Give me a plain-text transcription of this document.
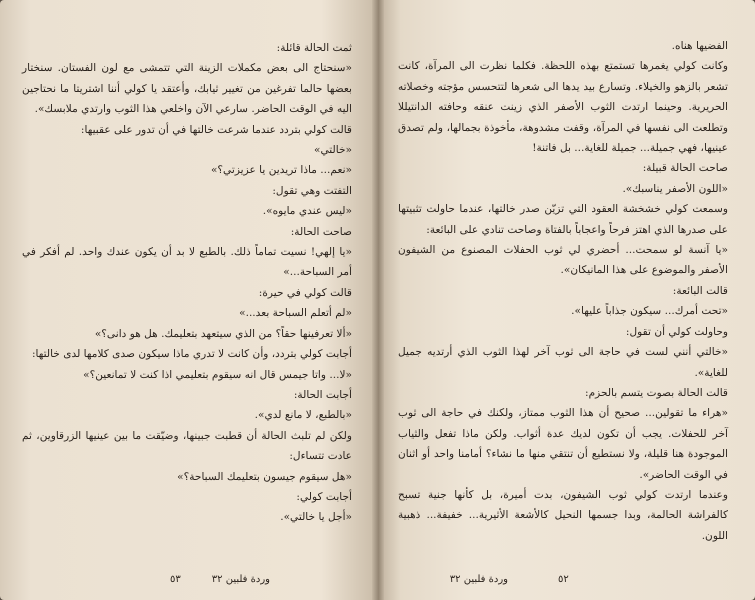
ثمت الحالة قائلة:

«سنحتاج الى بعض مكملات الزينة التي تتمشى مع لون الفستان. سنختار بعضها حالما تفرغين من تغيير ثيابك، وأعتقد يا كولي أننا اشتريتا ما نحتاجين اليه في الوقت الحاضر. سارعي الآن واخلعي هذا الثوب وارتدي ملابسك».

قالت كولي بتردد عندما شرعت خالتها في أن تدور على عقبيها:

«خالتي»

«نعم... ماذا تريدين يا عزيزتي؟»

التفتت وهي تقول:

«ليس عندي مايوه».

صاحت الحالة:

«يا إلهي! نسيت تماماً ذلك. بالطبع لا بد أن يكون عندك واحد. لم أفكر في أمر السباحة...»

قالت كولي في حيرة:

«لم أتعلم السباحة بعد...»

«ألا تعرفينها حقاً؟ من الذي سيتعهد بتعليمك. هل هو دانى؟»

أجابت كولي بتردد، وأن كانت لا تدري ماذا سيكون صدى كلامها لدى خالتها:

«لا... واتا جيمس قال انه سيقوم بتعليمي اذا كنت لا تمانعين؟»

أجابت الحالة:

«بالطبع، لا مانع لدي».

ولكن لم تلبث الحالة أن قطبت جبينها، وضيّقت ما بين عينيها الزرقاوين، ثم عادت تتساءل:

«هل سيقوم جيسون بتعليمك السباحة؟»

أجابت كولي:

«أجل يا خالتي».

٥٣	وردة فلبين ٣٢

الفضيها هناه.

وكانت كولي يغمرها تستمتع بهذه اللحظة. فكلما نظرت الى المرآة، كانت تشعر بالزهو والخيلاء. وتسارع بيد يدها الى شعرها لتتحسس مؤجته وخصلاته الحريرية. وحينما ارتدت الثوب الأصفر الذي زينت عنقه وحافته الدانتيللا وتطلعت الى نفسها في المرآة، وقفت مشدوهة، مأخوذة بجمالها، ولم تصدق عينيها، فهي جميلة... جميلة للغاية... بل فاتنة!

صاحت الحالة قبيلة:

«اللون الأصفر يناسبك».

وسمعت كولي خشخشة العقود التي تزيّن صدر خالتها، عندما حاولت تثبيتها على صدرها الذي اهتز فرحاً واعجاباً بالفتاة وصاحت تنادي على البائعة:

«يا آنسة لو سمحت... أحضري لي ثوب الحفلات المصنوع من الشيفون الأصفر والموضوع على هذا المانيكان».

قالت البائعة:

«تحت أمرك... سيكون جذاباً عليها».

وحاولت كولي أن تقول:

«خالتي أنني لست في حاجة الى ثوب آخر لهذا الثوب الذي أرتديه جميل للغاية».

قالت الحالة بصوت يتسم بالحزم:

«هراء ما تقولين... صحيح أن هذا الثوب ممتاز، ولكنك في حاجة الى ثوب آخر للحفلات. يجب أن تكون لديك عدة أثواب. ولكن ماذا تفعل والثياب الموجودة هنا قليلة، ولا نستطيع أن تنتقي منها ما نشاء؟ أمامنا واحد أو اثنان في الوقت الحاضر».

وعندما ارتدت كولي ثوب الشيفون، بدت أميرة، بل كأنها جنية تسبح كالفراشة الحالمة، وبدا جسمها النحيل كالأشعة الأثيرية... خفيفة... ذهبية اللون.

٥٢
وردة فلبين ٣٢
